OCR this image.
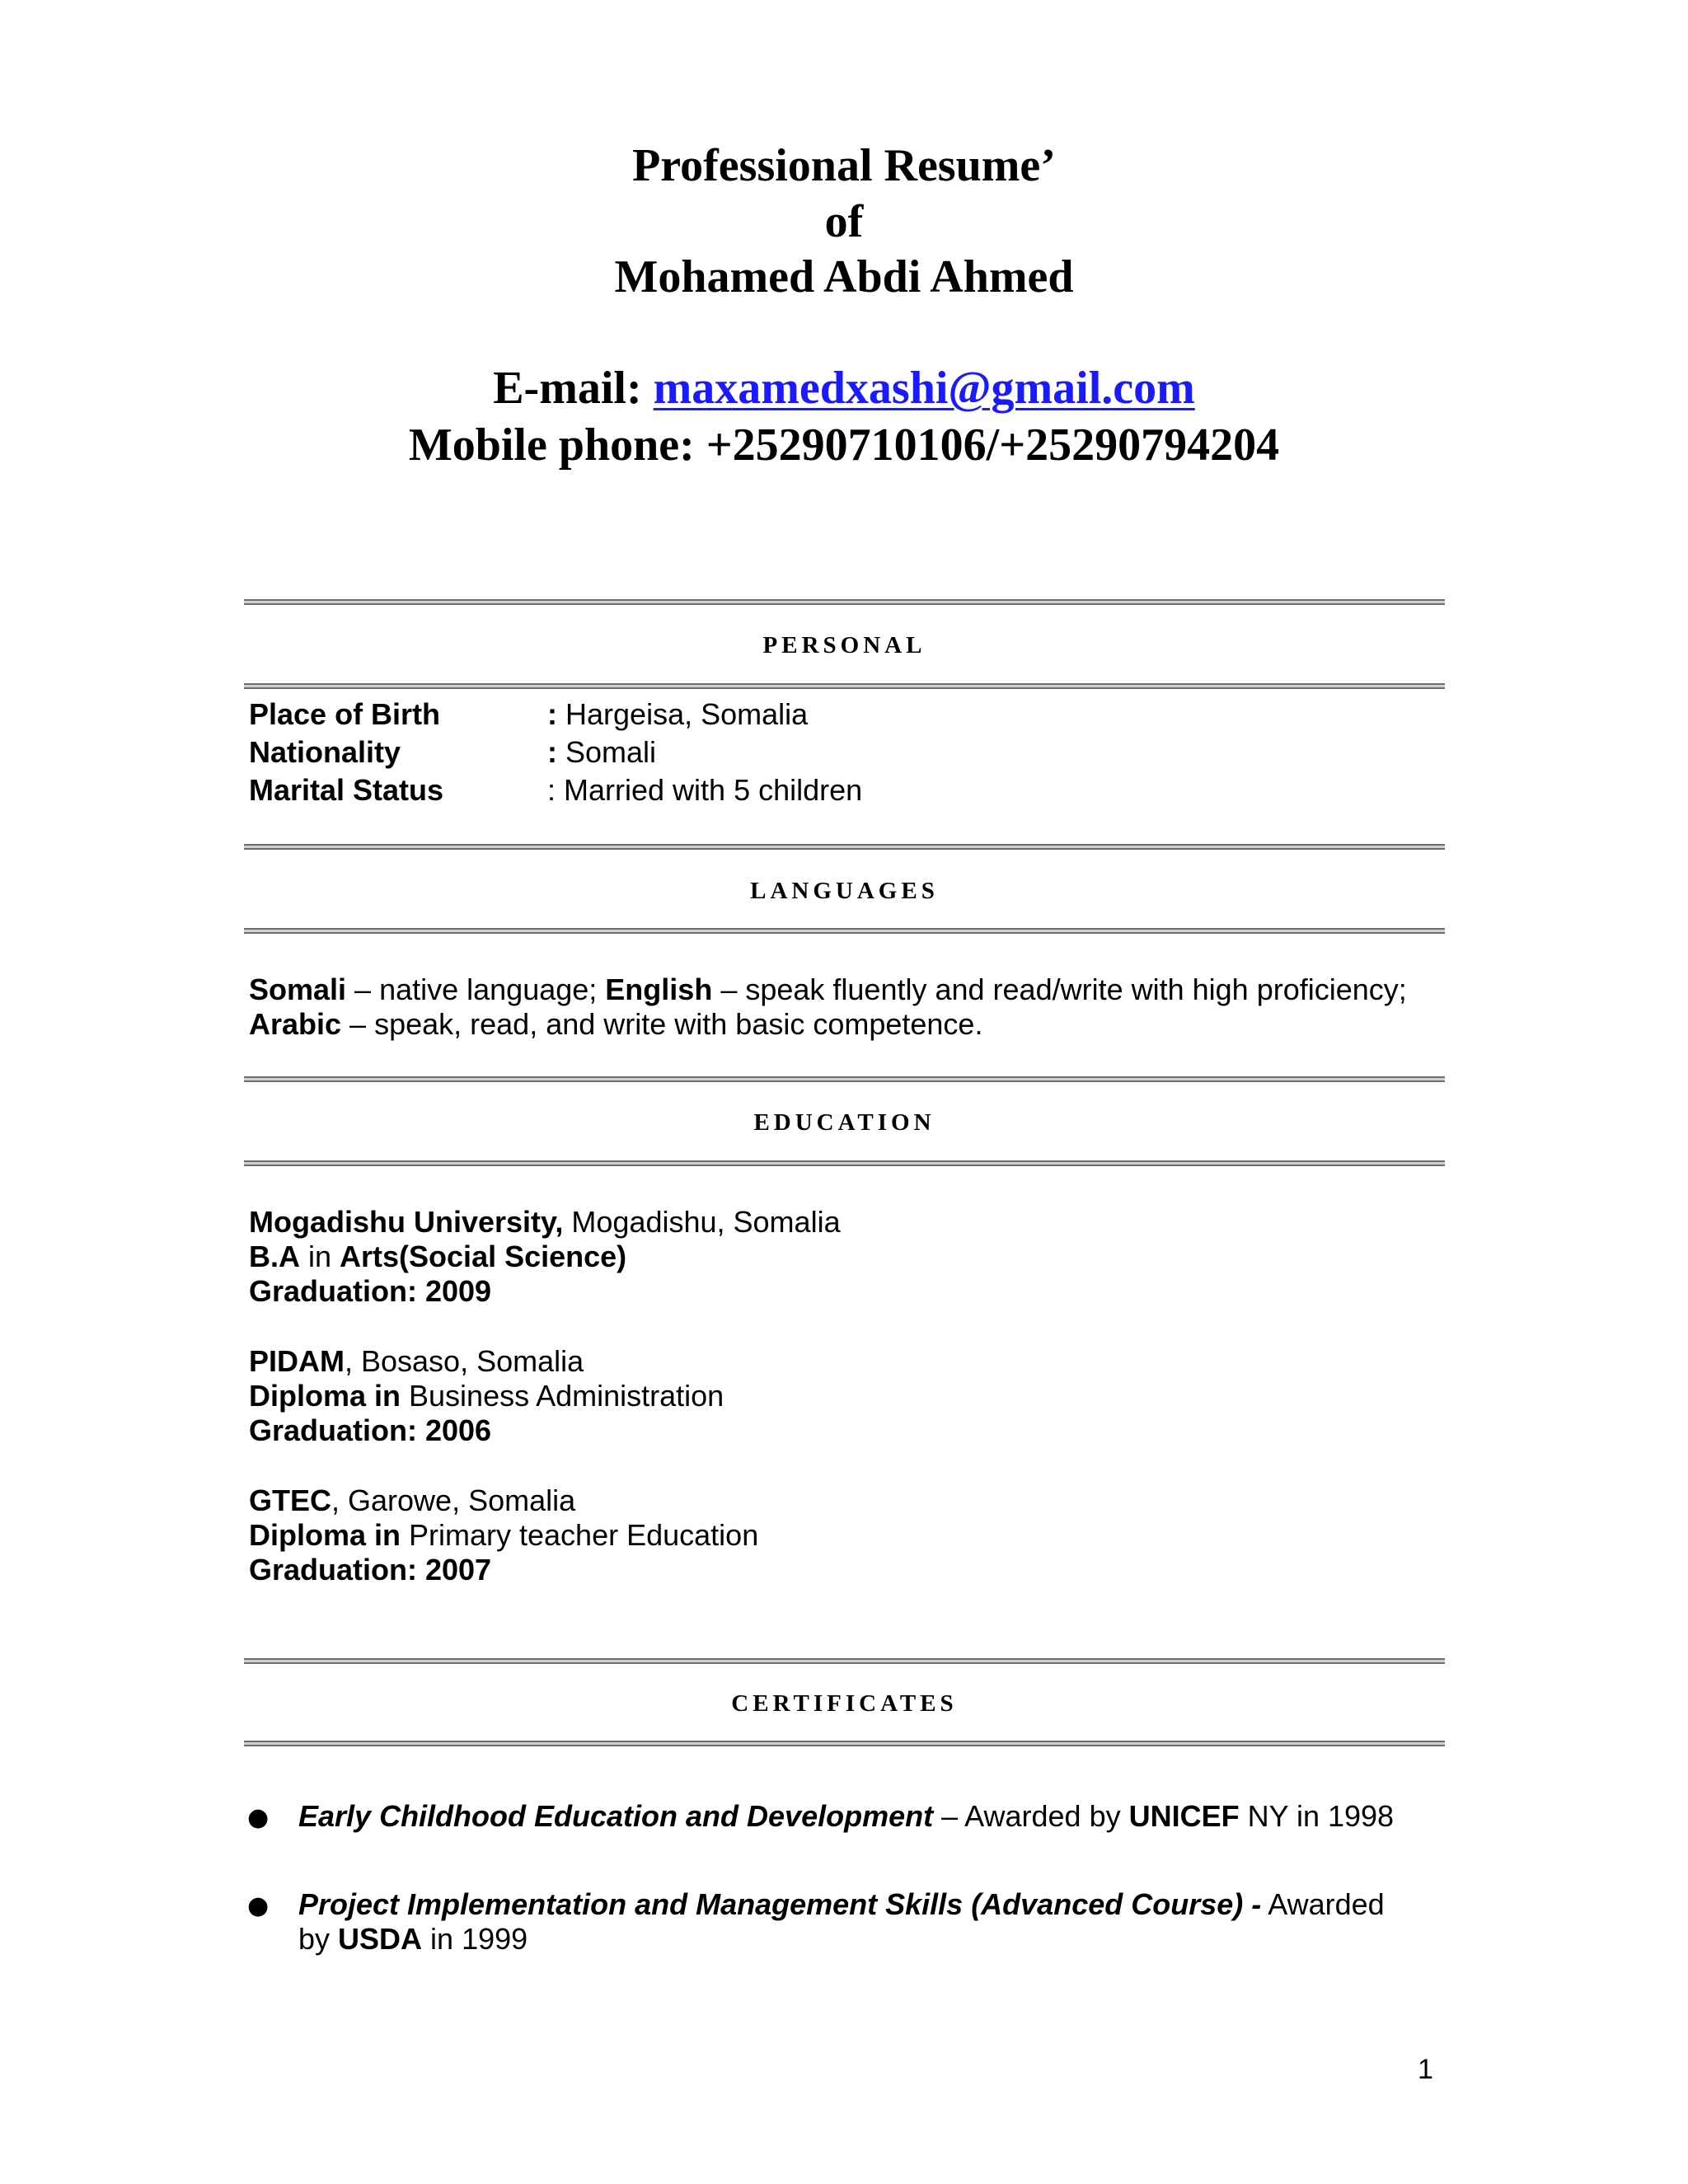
Professional Resume’
of
Mohamed Abdi Ahmed
E-mail: maxamedxashi@gmail.com
Mobile phone: +25290710106/+25290794204
PERSONAL
Place of Birth	: Hargeisa, Somalia
Nationality	: Somali
Marital Status	: Married with 5 children
LANGUAGES
Somali – native language; English – speak fluently and read/write with high proficiency;
Arabic – speak, read, and write with basic competence.
EDUCATION
Mogadishu University, Mogadishu, Somalia
B.A in Arts(Social Science)
Graduation: 2009
PIDAM, Bosaso, Somalia
Diploma in Business Administration
Graduation: 2006
GTEC, Garowe, Somalia
Diploma in Primary teacher Education
Graduation: 2007
CERTIFICATES
● Early Childhood Education and Development – Awarded by UNICEF NY in 1998
● Project Implementation and Management Skills (Advanced Course) - Awarded
by USDA in 1999
1
